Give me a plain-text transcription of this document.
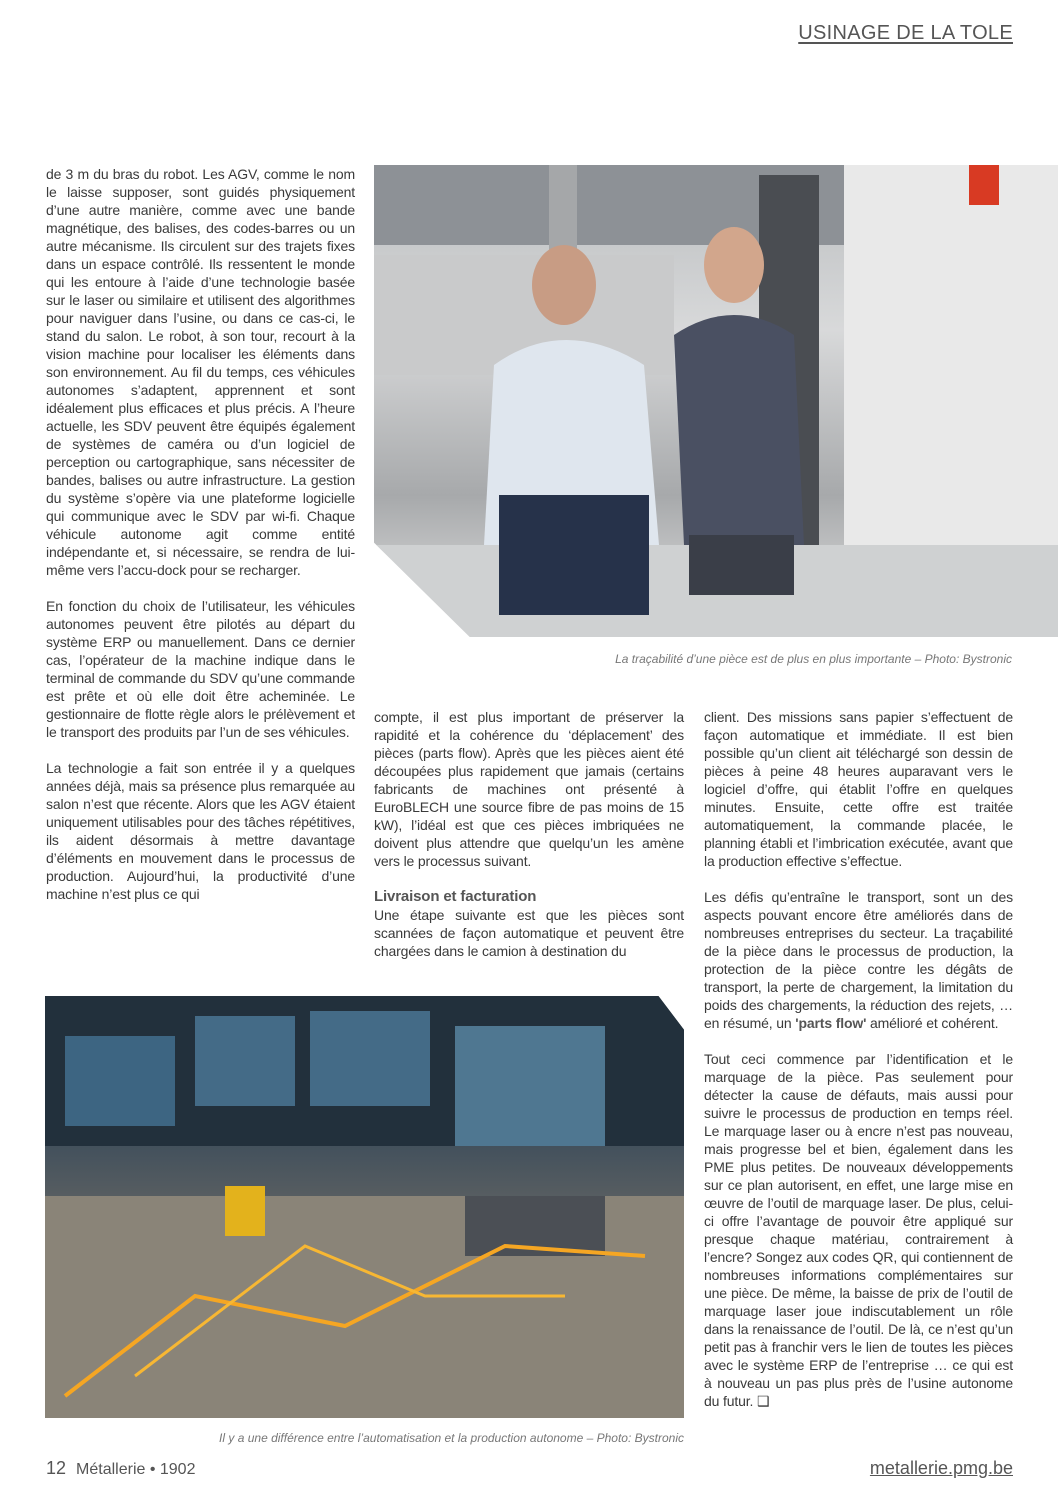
USINAGE DE LA TOLE
La traçabilité d’une pièce est de plus en plus importante – Photo: Bystronic

de 3 m du bras du robot. Les AGV, comme le nom le laisse supposer, sont guidés physiquement d’une autre manière, comme avec une bande magnétique, des balises, des codes-barres ou un autre mécanisme. Ils circulent sur des trajets fixes dans un espace contrôlé. Ils ressentent le monde qui les entoure à l’aide d’une technologie basée sur le laser ou similaire et utilisent des algorithmes pour naviguer dans l’usine, ou dans ce cas-ci, le stand du salon. Le robot, à son tour, recourt à la vision machine pour localiser les éléments dans son environnement. Au fil du temps, ces véhicules autonomes s’adaptent, apprennent et sont idéalement plus efficaces et plus précis. A l’heure actuelle, les SDV peuvent être équipés également de systèmes de caméra ou d’un logiciel de perception ou cartographique, sans nécessiter de bandes, balises ou autre infrastructure. La gestion du système s’opère via une plateforme logicielle qui communique avec le SDV par wi-fi. Chaque véhicule autonome agit comme entité indépendante et, si nécessaire, se rendra de lui-même vers l’accu-dock pour se recharger.

En fonction du choix de l’utilisateur, les véhicules autonomes peuvent être pilotés au départ du système ERP ou manuellement. Dans ce dernier cas, l’opérateur de la machine indique dans le terminal de commande du SDV qu’une commande est prête et où elle doit être acheminée. Le gestionnaire de flotte règle alors le prélèvement et le transport des produits par l’un de ses véhicules.

La technologie a fait son entrée il y a quelques années déjà, mais sa présence plus remarquée au salon n’est que récente. Alors que les AGV étaient uniquement utilisables pour des tâches répétitives, ils aident désormais à mettre davantage d’éléments en mouvement dans le processus de production. Aujourd’hui, la productivité d’une machine n’est plus ce qui

compte, il est plus important de préserver la rapidité et la cohérence du ‘déplacement’ des pièces (parts flow). Après que les pièces aient été découpées plus rapidement que jamais (certains fabricants de machines ont présenté à EuroBLECH une source fibre de pas moins de 15 kW), l’idéal est que ces pièces imbriquées ne doivent plus attendre que quelqu’un les amène vers le processus suivant.

Livraison et facturation

Une étape suivante est que les pièces sont scannées de façon automatique et peuvent être chargées dans le camion à destination du

client. Des missions sans papier s’effectuent de façon automatique et immédiate. Il est bien possible qu’un client ait téléchargé son dessin de pièces à peine 48 heures auparavant vers le logiciel d’offre, qui établit l’offre en quelques minutes. Ensuite, cette offre est traitée automatiquement, la commande placée, le planning établi et l’imbrication exécutée, avant que la production effective s’effectue.

Les défis qu’entraîne le transport, sont un des aspects pouvant encore être améliorés dans de nombreuses entreprises du secteur. La traçabilité de la pièce dans le processus de production, la protection de la pièce contre les dégâts de transport, la perte de chargement, la limitation du poids des chargements, la réduction des rejets, … en résumé, un 'parts flow' amélioré et cohérent.

Tout ceci commence par l’identification et le marquage de la pièce. Pas seulement pour détecter la cause de défauts, mais aussi pour suivre le processus de production en temps réel. Le marquage laser ou à encre n’est pas nouveau, mais progresse bel et bien, également dans les PME plus petites. De nouveaux développements sur ce plan autorisent, en effet, une large mise en œuvre de l’outil de marquage laser. De plus, celui-ci offre l’avantage de pouvoir être appliqué sur presque chaque matériau, contrairement à l’encre? Songez aux codes QR, qui contiennent de nombreuses informations complémentaires sur une pièce. De même, la baisse de prix de l’outil de marquage laser joue indiscutablement un rôle dans la renaissance de l’outil. De là, ce n’est qu’un petit pas à franchir vers le lien de toutes les pièces avec le système ERP de l’entreprise … ce qui est à nouveau un pas plus près de l’usine autonome du futur. ❑

Il y a une différence entre l’automatisation et la production autonome – Photo: Bystronic
12 Métallerie • 1902	metallerie.pmg.be
